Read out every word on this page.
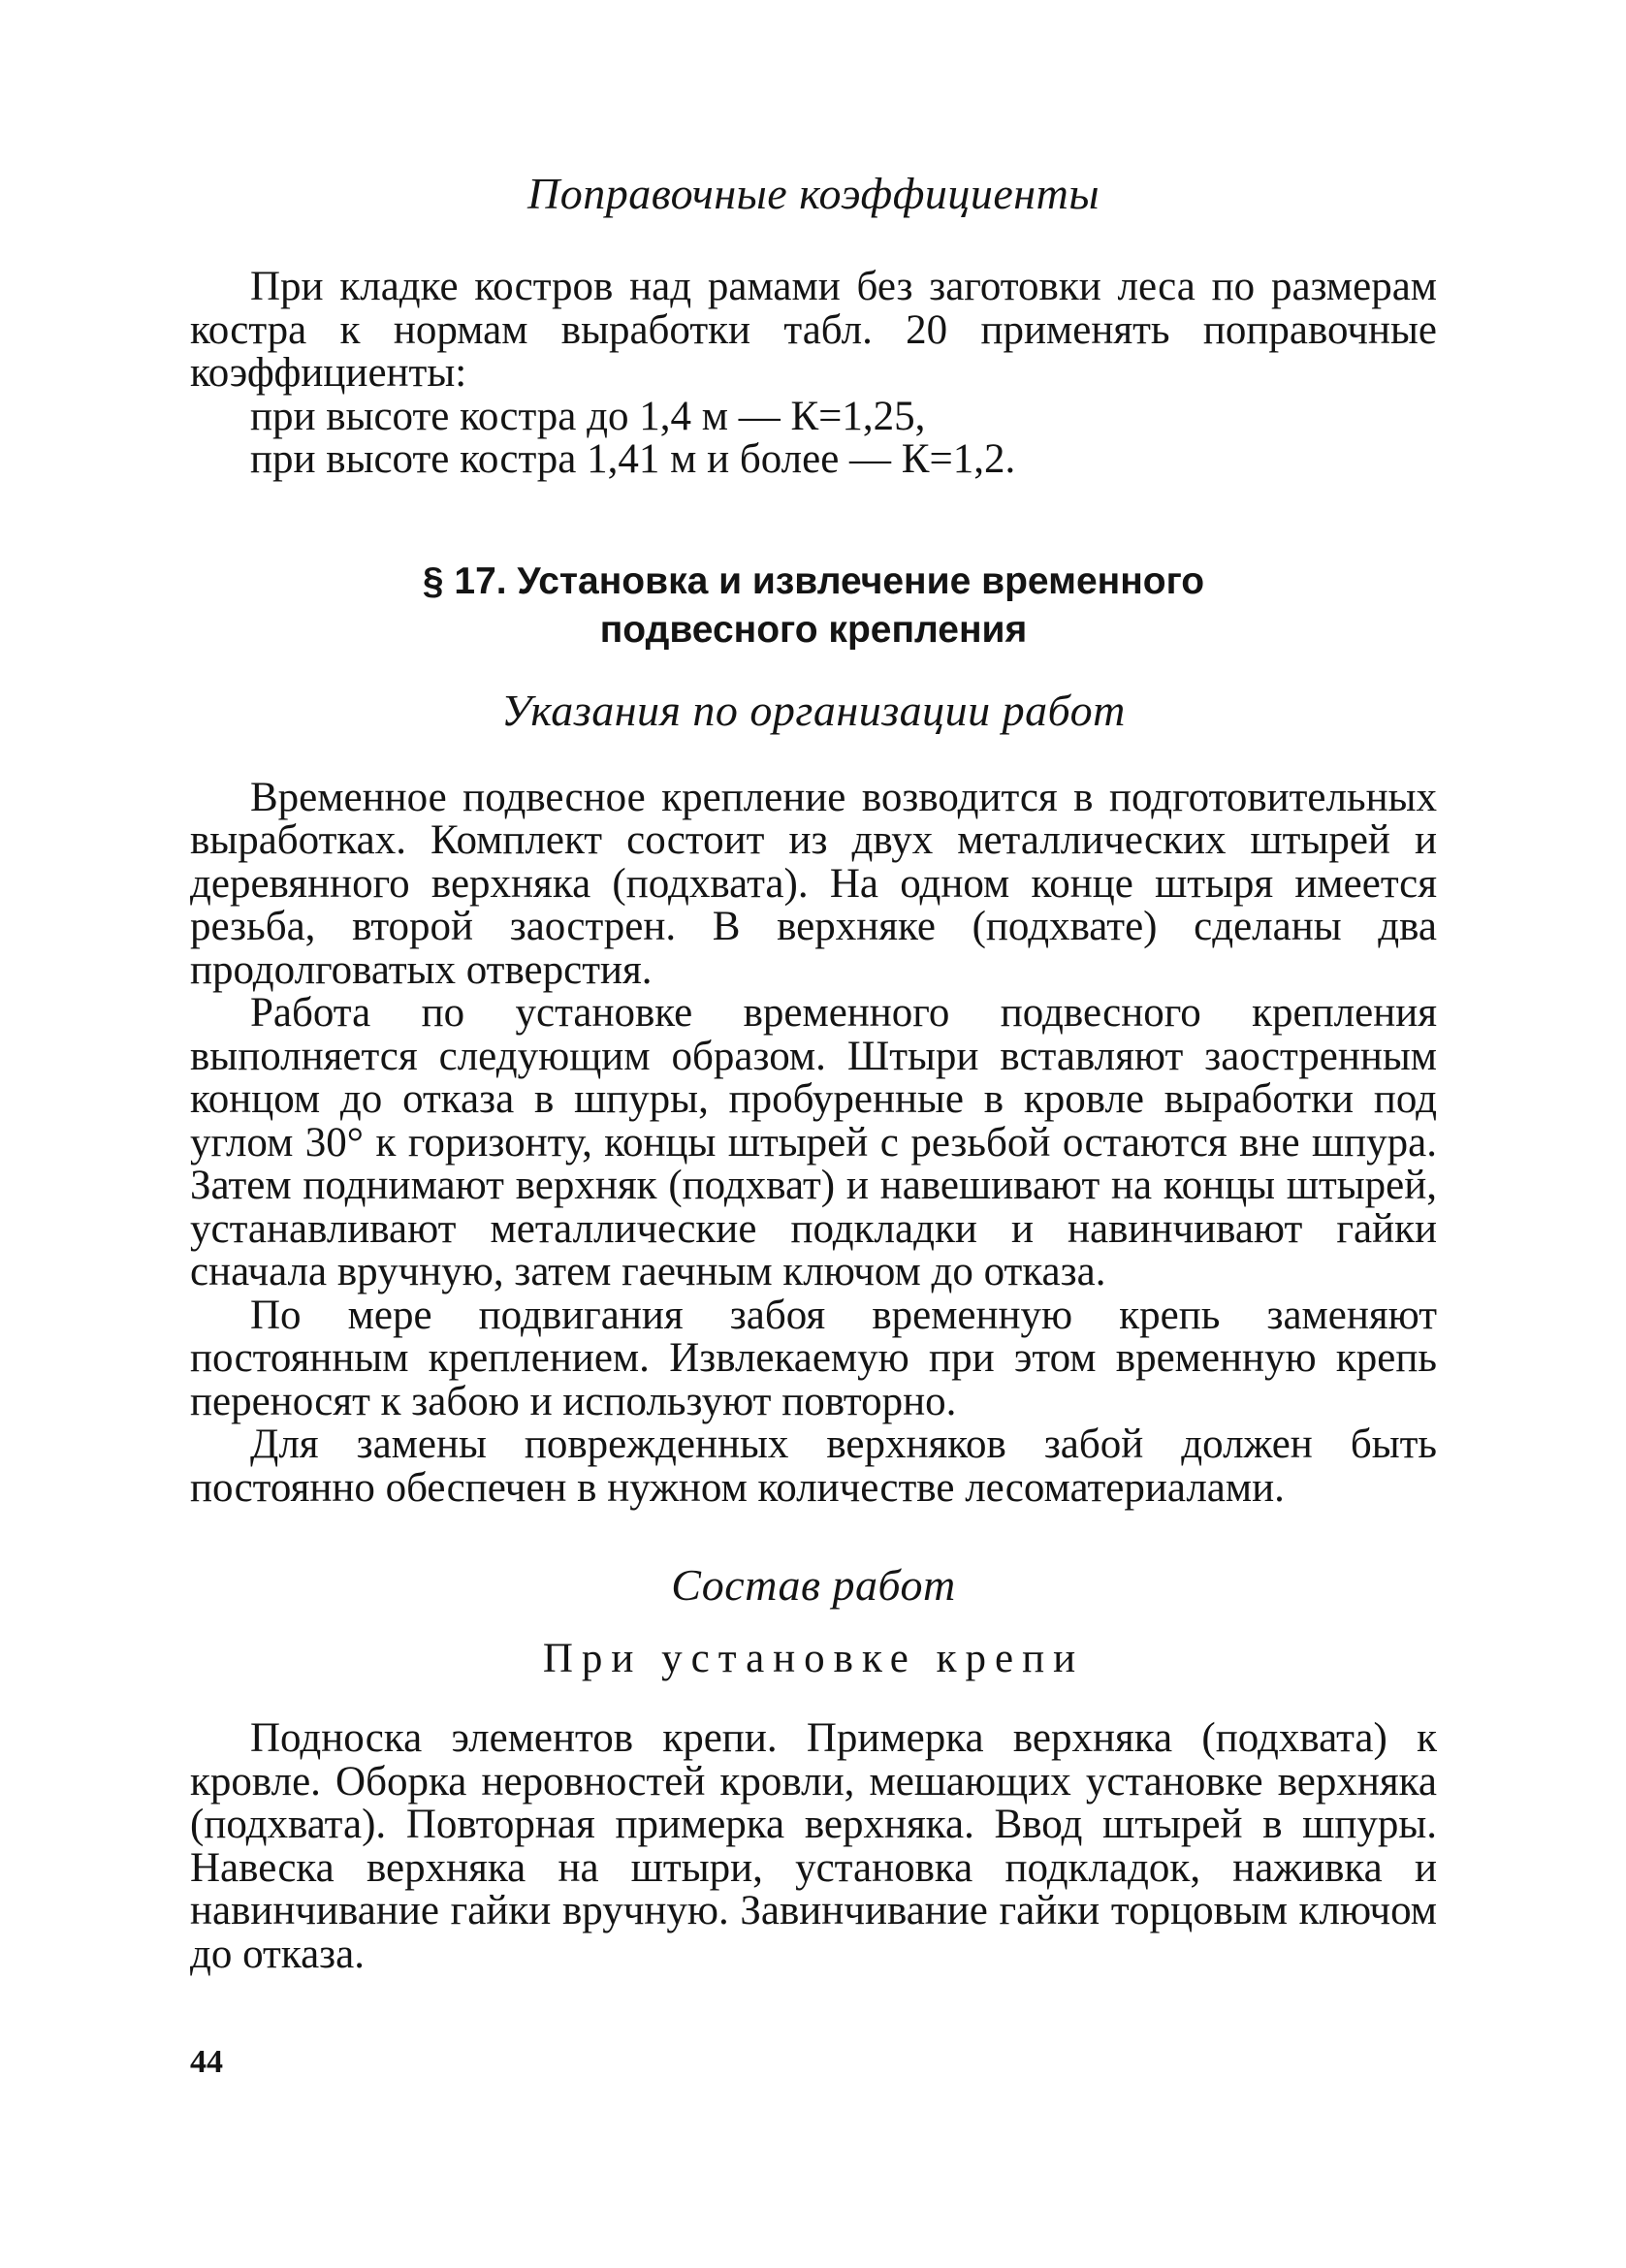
Поправочные коэффициенты

При кладке костров над рамами без заготовки леса по размерам костра к нормам выработки табл. 20 применять поправочные коэффициенты:

при высоте костра до 1,4 м — К=1,25,

при высоте костра 1,41 м и более — К=1,2.

§ 17. Установка и извлечение временного

подвесного крепления

Указания по организации работ

Временное подвесное крепление возводится в подготовительных выработках. Комплект состоит из двух металлических штырей и деревянного верхняка (подхвата). На одном конце штыря имеется резьба, второй заострен. В верхняке (подхвате) сделаны два продолговатых отверстия.

Работа по установке временного подвесного крепления выполняется следующим образом. Штыри вставляют заостренным концом до отказа в шпуры, пробуренные в кровле выработки под углом 30° к горизонту, концы штырей с резьбой остаются вне шпура. Затем поднимают верхняк (подхват) и навешивают на концы штырей, устанавливают металлические подкладки и навинчивают гайки сначала вручную, затем гаечным ключом до отказа.

По мере подвигания забоя временную крепь заменяют постоянным креплением. Извлекаемую при этом временную крепь переносят к забою и используют повторно.

Для замены поврежденных верхняков забой должен быть постоянно обеспечен в нужном количестве лесоматериалами.

Состав работ

При установке крепи

Подноска элементов крепи. Примерка верхняка (подхвата) к кровле. Оборка неровностей кровли, мешающих установке верхняка (подхвата). Повторная примерка верхняка. Ввод штырей в шпуры. Навеска верхняка на штыри, установка подкладок, наживка и навинчивание гайки вручную. Завинчивание гайки торцовым ключом до отказа.

44
